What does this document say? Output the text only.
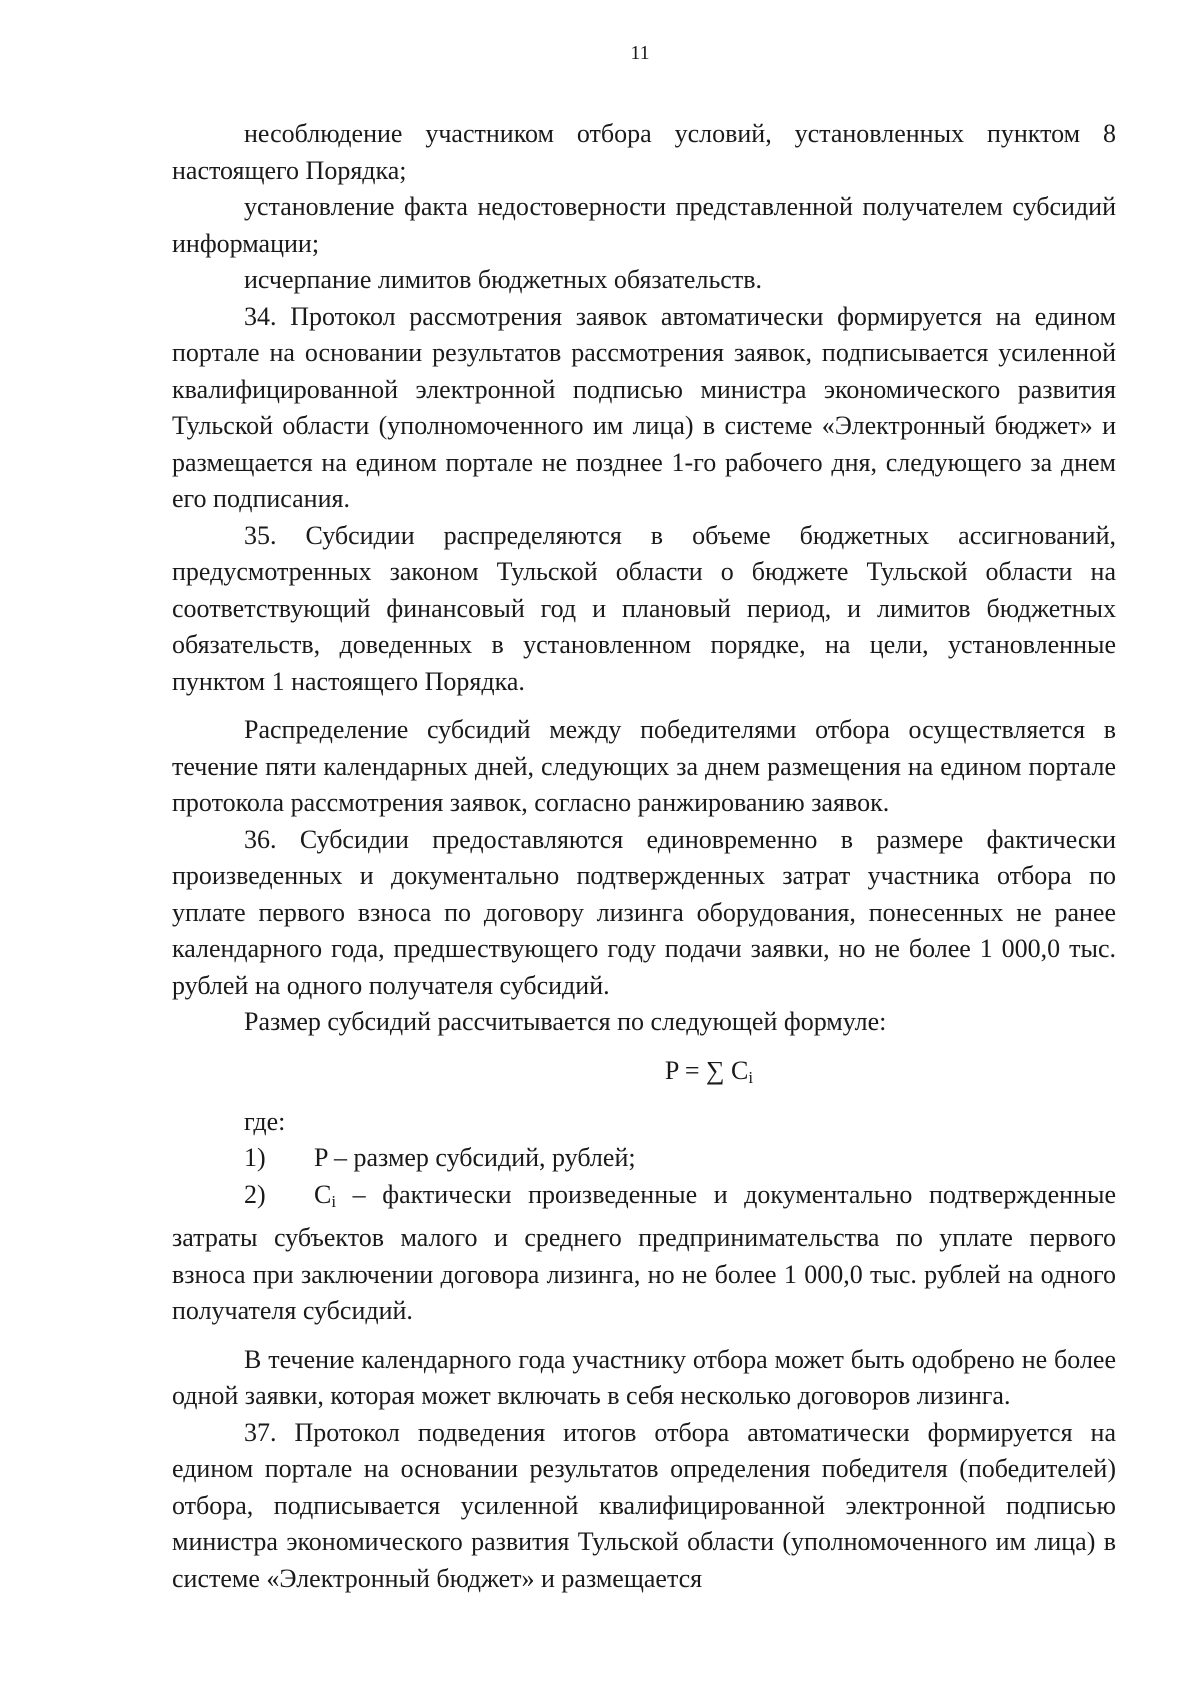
11

несоблюдение участником отбора условий, установленных пунктом 8 настоящего Порядка;

установление факта недостоверности представленной получателем субсидий информации;

исчерпание лимитов бюджетных обязательств.

34. Протокол рассмотрения заявок автоматически формируется на едином портале на основании результатов рассмотрения заявок, подписывается усиленной квалифицированной электронной подписью министра экономического развития Тульской области (уполномоченного им лица) в системе «Электронный бюджет» и размещается на едином портале не позднее 1-го рабочего дня, следующего за днем его подписания.

35. Субсидии распределяются в объеме бюджетных ассигнований, предусмотренных законом Тульской области о бюджете Тульской области на соответствующий финансовый год и плановый период, и лимитов бюджетных обязательств, доведенных в установленном порядке, на цели, установленные пунктом 1 настоящего Порядка.

Распределение субсидий между победителями отбора осуществляется в течение пяти календарных дней, следующих за днем размещения на едином портале протокола рассмотрения заявок, согласно ранжированию заявок.

36. Субсидии предоставляются единовременно в размере фактически произведенных и документально подтвержденных затрат участника отбора по уплате первого взноса по договору лизинга оборудования, понесенных не ранее календарного года, предшествующего году подачи заявки, но не более 1 000,0 тыс. рублей на одного получателя субсидий.

Размер субсидий рассчитывается по следующей формуле:

P = ∑ $C_i$

где:

1) P – размер субсидий, рублей;

2) $C_i$ – фактически произведенные и документально подтвержденные затраты субъектов малого и среднего предпринимательства по уплате первого взноса при заключении договора лизинга, но не более 1 000,0 тыс. рублей на одного получателя субсидий.

В течение календарного года участнику отбора может быть одобрено не более одной заявки, которая может включать в себя несколько договоров лизинга.

37. Протокол подведения итогов отбора автоматически формируется на едином портале на основании результатов определения победителя (победителей) отбора, подписывается усиленной квалифицированной электронной подписью министра экономического развития Тульской области (уполномоченного им лица) в системе «Электронный бюджет» и размещается
